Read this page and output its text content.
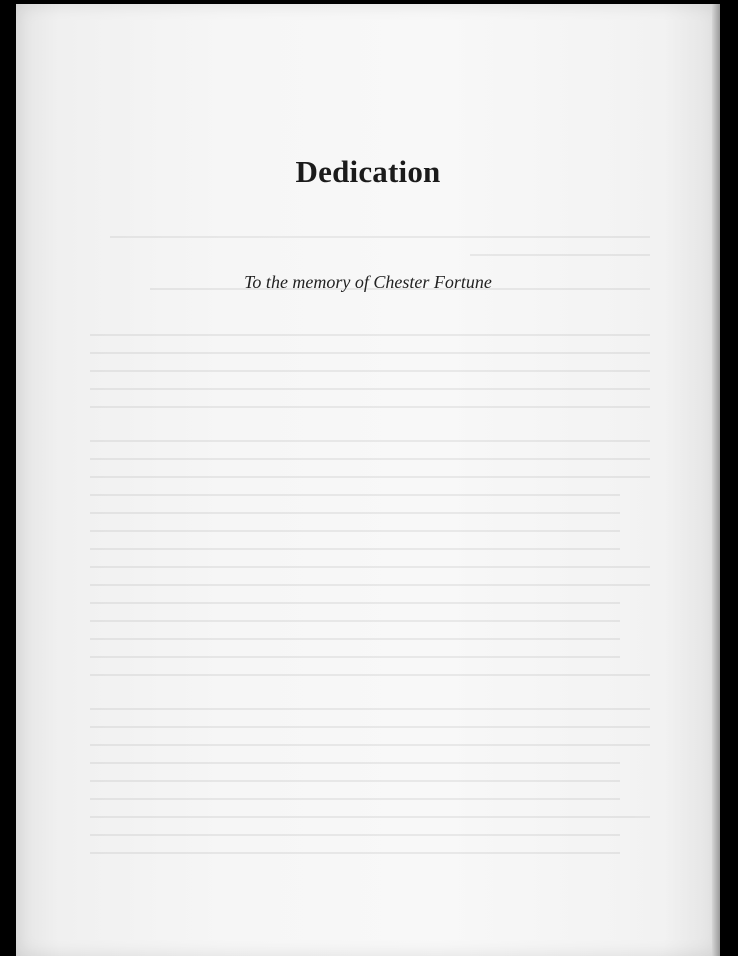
Dedication
To the memory of Chester Fortune
